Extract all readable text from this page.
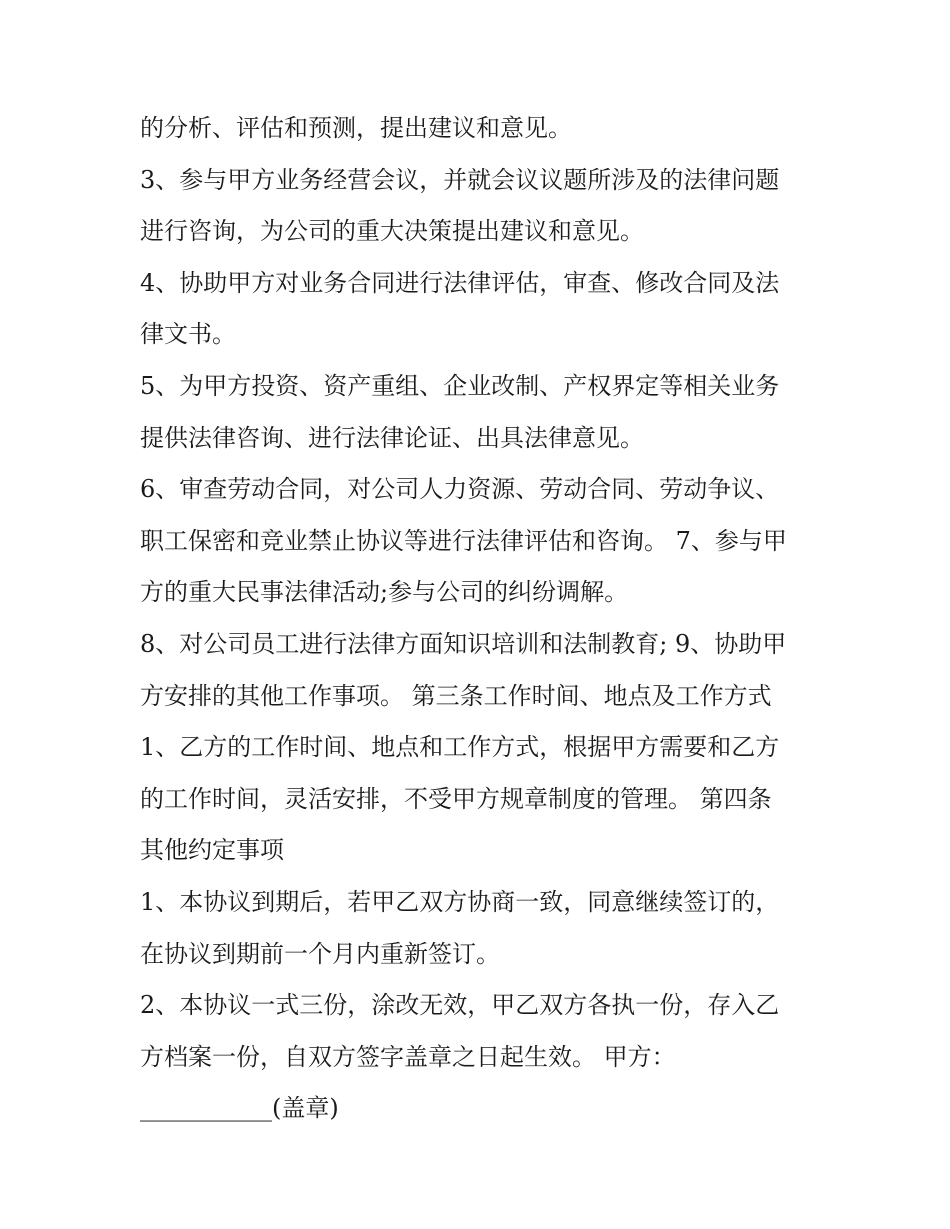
的分析、评估和预测，提出建议和意见。
3、参与甲方业务经营会议，并就会议议题所涉及的法律问题
进行咨询，为公司的重大决策提出建议和意见。
4、协助甲方对业务合同进行法律评估，审查、修改合同及法
律文书。
5、为甲方投资、资产重组、企业改制、产权界定等相关业务
提供法律咨询、进行法律论证、出具法律意见。
6、审查劳动合同，对公司人力资源、劳动合同、劳动争议、
职工保密和竞业禁止协议等进行法律评估和咨询。 7、参与甲
方的重大民事法律活动;参与公司的纠纷调解。
8、对公司员工进行法律方面知识培训和法制教育; 9、协助甲
方安排的其他工作事项。 第三条工作时间、地点及工作方式
1、乙方的工作时间、地点和工作方式，根据甲方需要和乙方
的工作时间，灵活安排，不受甲方规章制度的管理。 第四条
其他约定事项
1、本协议到期后，若甲乙双方协商一致，同意继续签订的，
在协议到期前一个月内重新签订。
2、本协议一式三份，涂改无效，甲乙双方各执一份，存入乙
方档案一份，自双方签字盖章之日起生效。 甲方：
___________(盖章)
